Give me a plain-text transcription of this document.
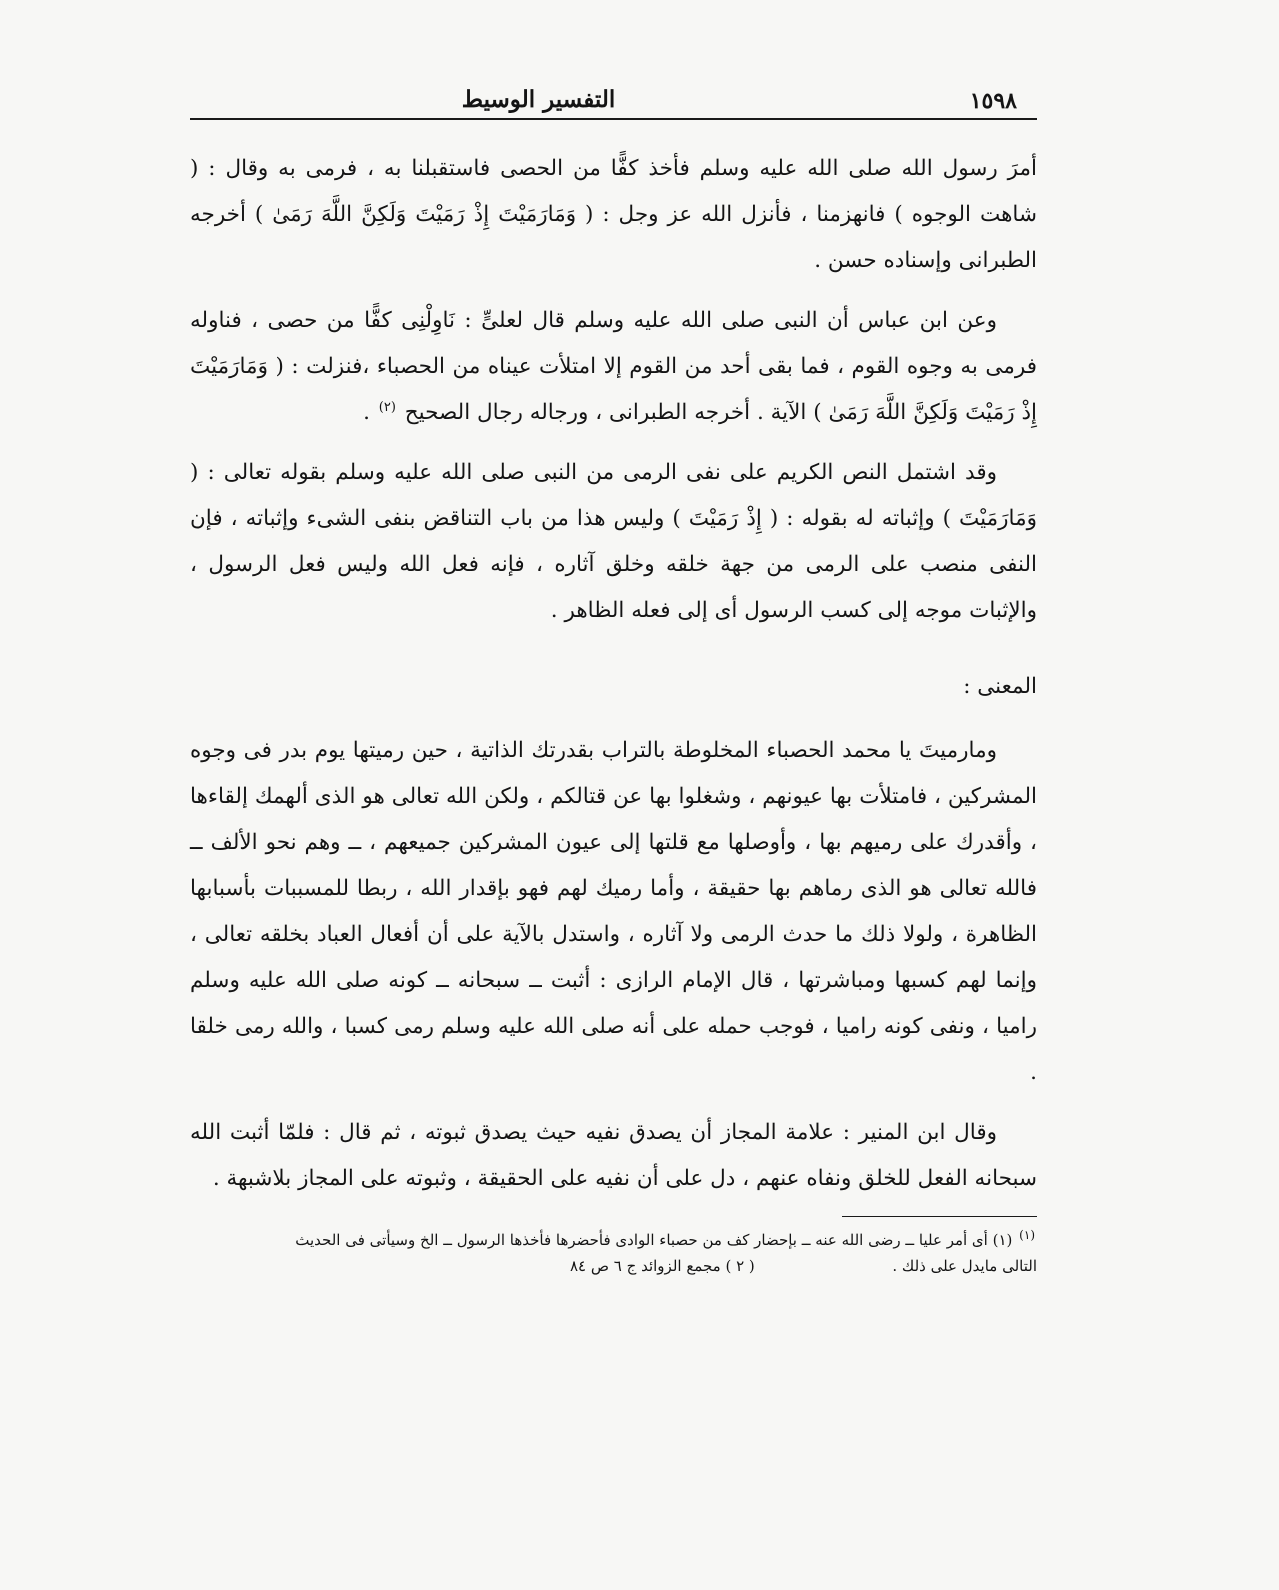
١٥٩٨
التفسير الوسيط

أمرَ رسول الله صلى الله عليه وسلم فأخذ كفًّا من الحصى فاستقبلنا به ، فرمى به وقال : ( شاهت الوجوه ) فانهزمنا ، فأنزل الله عز وجل : ( وَمَارَمَيْتَ إِذْ رَمَيْتَ وَلَكِنَّ اللَّهَ رَمَىٰ ) أخرجه الطبرانى وإسناده حسن .

وعن ابن عباس أن النبى صلى الله عليه وسلم قال لعلىٍّ : نَاوِلْنِى كفًّا من حصى ، فناوله فرمى به وجوه القوم ، فما بقى أحد من القوم إلا امتلأت عيناه من الحصباء ،فنزلت : ( وَمَارَمَيْتَ إِذْ رَمَيْتَ وَلَكِنَّ اللَّهَ رَمَىٰ ) الآية . أخرجه الطبرانى ، ورجاله رجال الصحيح $^{(٢)}$ .

وقد اشتمل النص الكريم على نفى الرمى من النبى صلى الله عليه وسلم بقوله تعالى : ( وَمَارَمَيْتَ ) وإثباته له بقوله : ( إِذْ رَمَيْتَ ) وليس هذا من باب التناقض بنفى الشىء وإثباته ، فإن النفى منصب على الرمى من جهة خلقه وخلق آثاره ، فإنه فعل الله وليس فعل الرسول ، والإثبات موجه إلى كسب الرسول أى إلى فعله الظاهر .

المعنى :

ومارميتَ يا محمد الحصباء المخلوطة بالتراب بقدرتك الذاتية ، حين رميتها يوم بدر فى وجوه المشركين ، فامتلأت بها عيونهم ، وشغلوا بها عن قتالكم ، ولكن الله تعالى هو الذى ألهمك إلقاءها ، وأقدرك على رميهم بها ، وأوصلها مع قلتها إلى عيون المشركين جميعهم ، ــ وهم نحو الألف ــ فالله تعالى هو الذى رماهم بها حقيقة ، وأما رميك لهم فهو بإقدار الله ، ربطا للمسببات بأسبابها الظاهرة ، ولولا ذلك ما حدث الرمى ولا آثاره ، واستدل بالآية على أن أفعال العباد بخلقه تعالى ، وإنما لهم كسبها ومباشرتها ، قال الإمام الرازى : أثبت ــ سبحانه ــ كونه صلى الله عليه وسلم راميا ، ونفى كونه راميا ، فوجب حمله على أنه صلى الله عليه وسلم رمى كسبا ، والله رمى خلقا .

وقال ابن المنير : علامة المجاز أن يصدق نفيه حيث يصدق ثبوته ، ثم قال : فلمّا أثبت الله سبحانه الفعل للخلق ونفاه عنهم ، دل على أن نفيه على الحقيقة ، وثبوته على المجاز بلاشبهة .

$^{(١)}$ (١) أى أمر عليا ــ رضى الله عنه ــ بإحضار كف من حصباء الوادى فأحضرها فأخذها الرسول ــ الخ وسيأتى فى الحديث
التالى مايدل على ذلك .
( ٢ ) مجمع الزوائد ج ٦ ص ٨٤
